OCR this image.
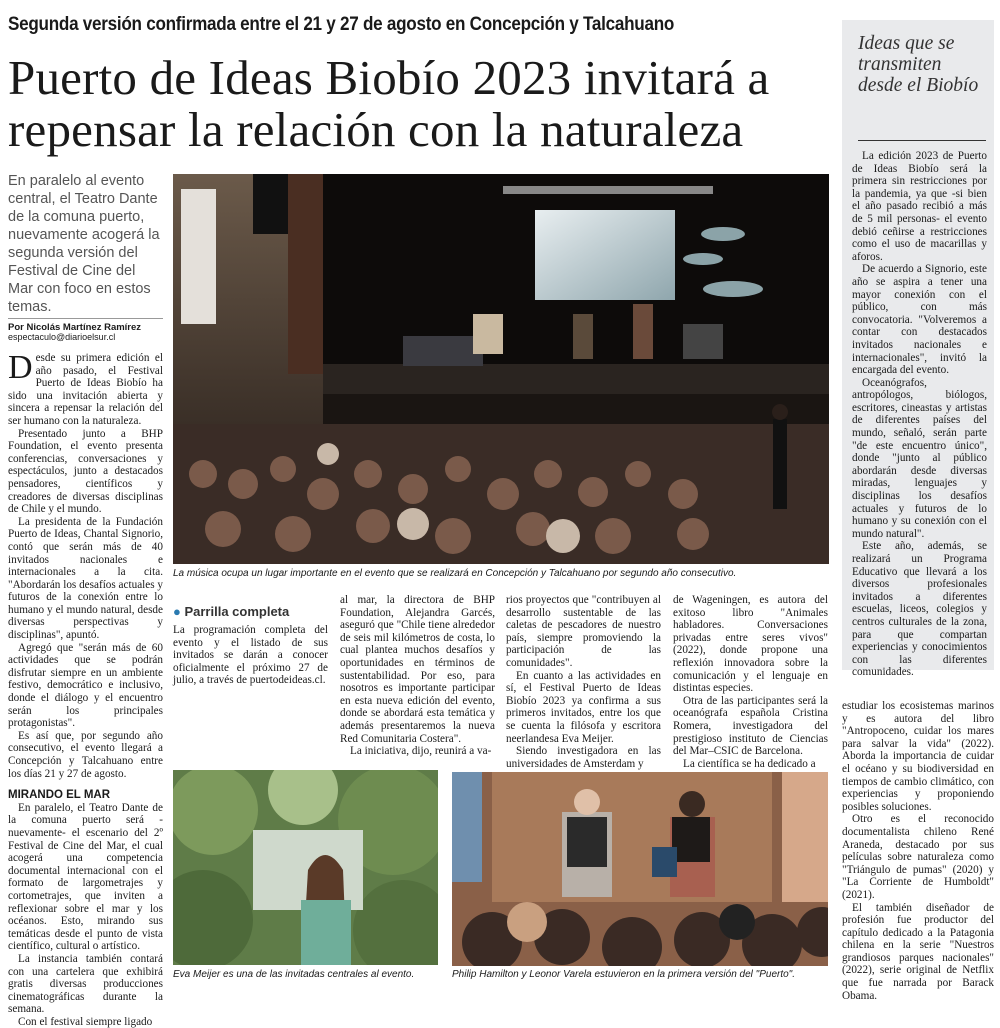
Segunda versión confirmada entre el 21 y 27 de agosto en Concepción y Talcahuano
Puerto de Ideas Biobío 2023 invitará a
repensar la relación con la naturaleza
En paralelo al evento central, el Teatro Dante de la comuna puerto, nuevamente acogerá la segunda versión del Festival de Cine del Mar con foco en estos temas.
Por Nicolás Martínez Ramírez
espectaculo@diarioelsur.cl
La música ocupa un lugar importante en el evento que se realizará en Concepción y Talcahuano por segundo año consecutivo.

Desde su primera edición el año pasado, el Festival Puerto de Ideas Biobío ha sido una invitación abierta y sincera a repensar la relación del ser humano con la naturaleza.

Presentado junto a BHP Foundation, el evento presenta conferencias, conversaciones y espectáculos, junto a destacados pensadores, científicos y creadores de diversas disciplinas de Chile y el mundo.

La presidenta de la Fundación Puerto de Ideas, Chantal Signorio, contó que serán más de 40 invitados nacionales e internacionales a la cita. "Abordarán los desafíos actuales y futuros de la conexión entre lo humano y el mundo natural, desde diversas perspectivas y disciplinas", apuntó.

Agregó que "serán más de 60 actividades que se podrán disfrutar siempre en un ambiente festivo, democrático e inclusivo, donde el diálogo y el encuentro serán los principales protagonistas".

Es así que, por segundo año consecutivo, el evento llegará a Concepción y Talcahuano entre los días 21 y 27 de agosto.

MIRANDO EL MAR

En paralelo, el Teatro Dante de la comuna puerto será -nuevamente- el escenario del 2º Festival de Cine del Mar, el cual acogerá una competencia documental internacional con el formato de largometrajes y cortometrajes, que inviten a reflexionar sobre el mar y los océanos. Esto, mirando sus temáticas desde el punto de vista científico, cultural o artístico.

La instancia también contará con una cartelera que exhibirá gratis diversas producciones cinematográficas durante la semana.

Con el festival siempre ligado

● Parrilla completa
La programación completa del evento y el listado de sus invitados se darán a conocer oficialmente el próximo 27 de julio, a través de puertodeideas.cl.

al mar, la directora de BHP Foundation, Alejandra Garcés, aseguró que "Chile tiene alrededor de seis mil kilómetros de costa, lo cual plantea muchos desafíos y oportunidades en términos de sustentabilidad. Por eso, para nosotros es importante participar en esta nueva edición del evento, donde se abordará esta temática y además presentaremos la nueva Red Comunitaria Costera".

La iniciativa, dijo, reunirá a va-

rios proyectos que "contribuyen al desarrollo sustentable de las caletas de pescadores de nuestro país, siempre promoviendo la participación de las comunidades".

En cuanto a las actividades en sí, el Festival Puerto de Ideas Biobío 2023 ya confirma a sus primeros invitados, entre los que se cuenta la filósofa y escritora neerlandesa Eva Meijer.

Siendo investigadora en las universidades de Amsterdam y

de Wageningen, es autora del exitoso libro "Animales habladores. Conversaciones privadas entre seres vivos" (2022), donde propone una reflexión innovadora sobre la comunicación y el lenguaje en distintas especies.

Otra de las participantes será la oceanógrafa española Cristina Romera, investigadora del prestigioso instituto de Ciencias del Mar–CSIC de Barcelona.

La científica se ha dedicado a

Eva Meijer es una de las invitadas centrales al evento.	Philip Hamilton y Leonor Varela estuvieron en la primera versión del "Puerto".

estudiar los ecosistemas marinos y es autora del libro "Antropoceno, cuidar los mares para salvar la vida" (2022). Aborda la importancia de cuidar el océano y su biodiversidad en tiempos de cambio climático, con experiencias y proponiendo posibles soluciones.

Otro es el reconocido documentalista chileno René Araneda, destacado por sus películas sobre naturaleza como "Triángulo de pumas" (2020) y "La Corriente de Humboldt" (2021).

El también diseñador de profesión fue productor del capítulo dedicado a la Patagonia chilena en la serie "Nuestros grandiosos parques nacionales" (2022), serie original de Netflix que fue narrada por Barack Obama.

Ideas que se transmiten desde el Biobío

La edición 2023 de Puerto de Ideas Biobío será la primera sin restricciones por la pandemia, ya que -si bien el año pasado recibió a más de 5 mil personas- el evento debió ceñirse a restricciones como el uso de macarillas y aforos.

De acuerdo a Signorio, este año se aspira a tener una mayor conexión con el público, con más convocatoria. "Volveremos a contar con destacados invitados nacionales e internacionales", invitó la encargada del evento.

Oceanógrafos, antropólogos, biólogos, escritores, cineastas y artistas de diferentes países del mundo, señaló, serán parte "de este encuentro único", donde "junto al público abordarán desde diversas miradas, lenguajes y disciplinas los desafíos actuales y futuros de lo humano y su conexión con el mundo natural".

Este año, además, se realizará un Programa Educativo que llevará a los diversos profesionales invitados a diferentes escuelas, liceos, colegios y centros culturales de la zona, para que compartan experiencias y conocimientos con las diferentes comunidades.
